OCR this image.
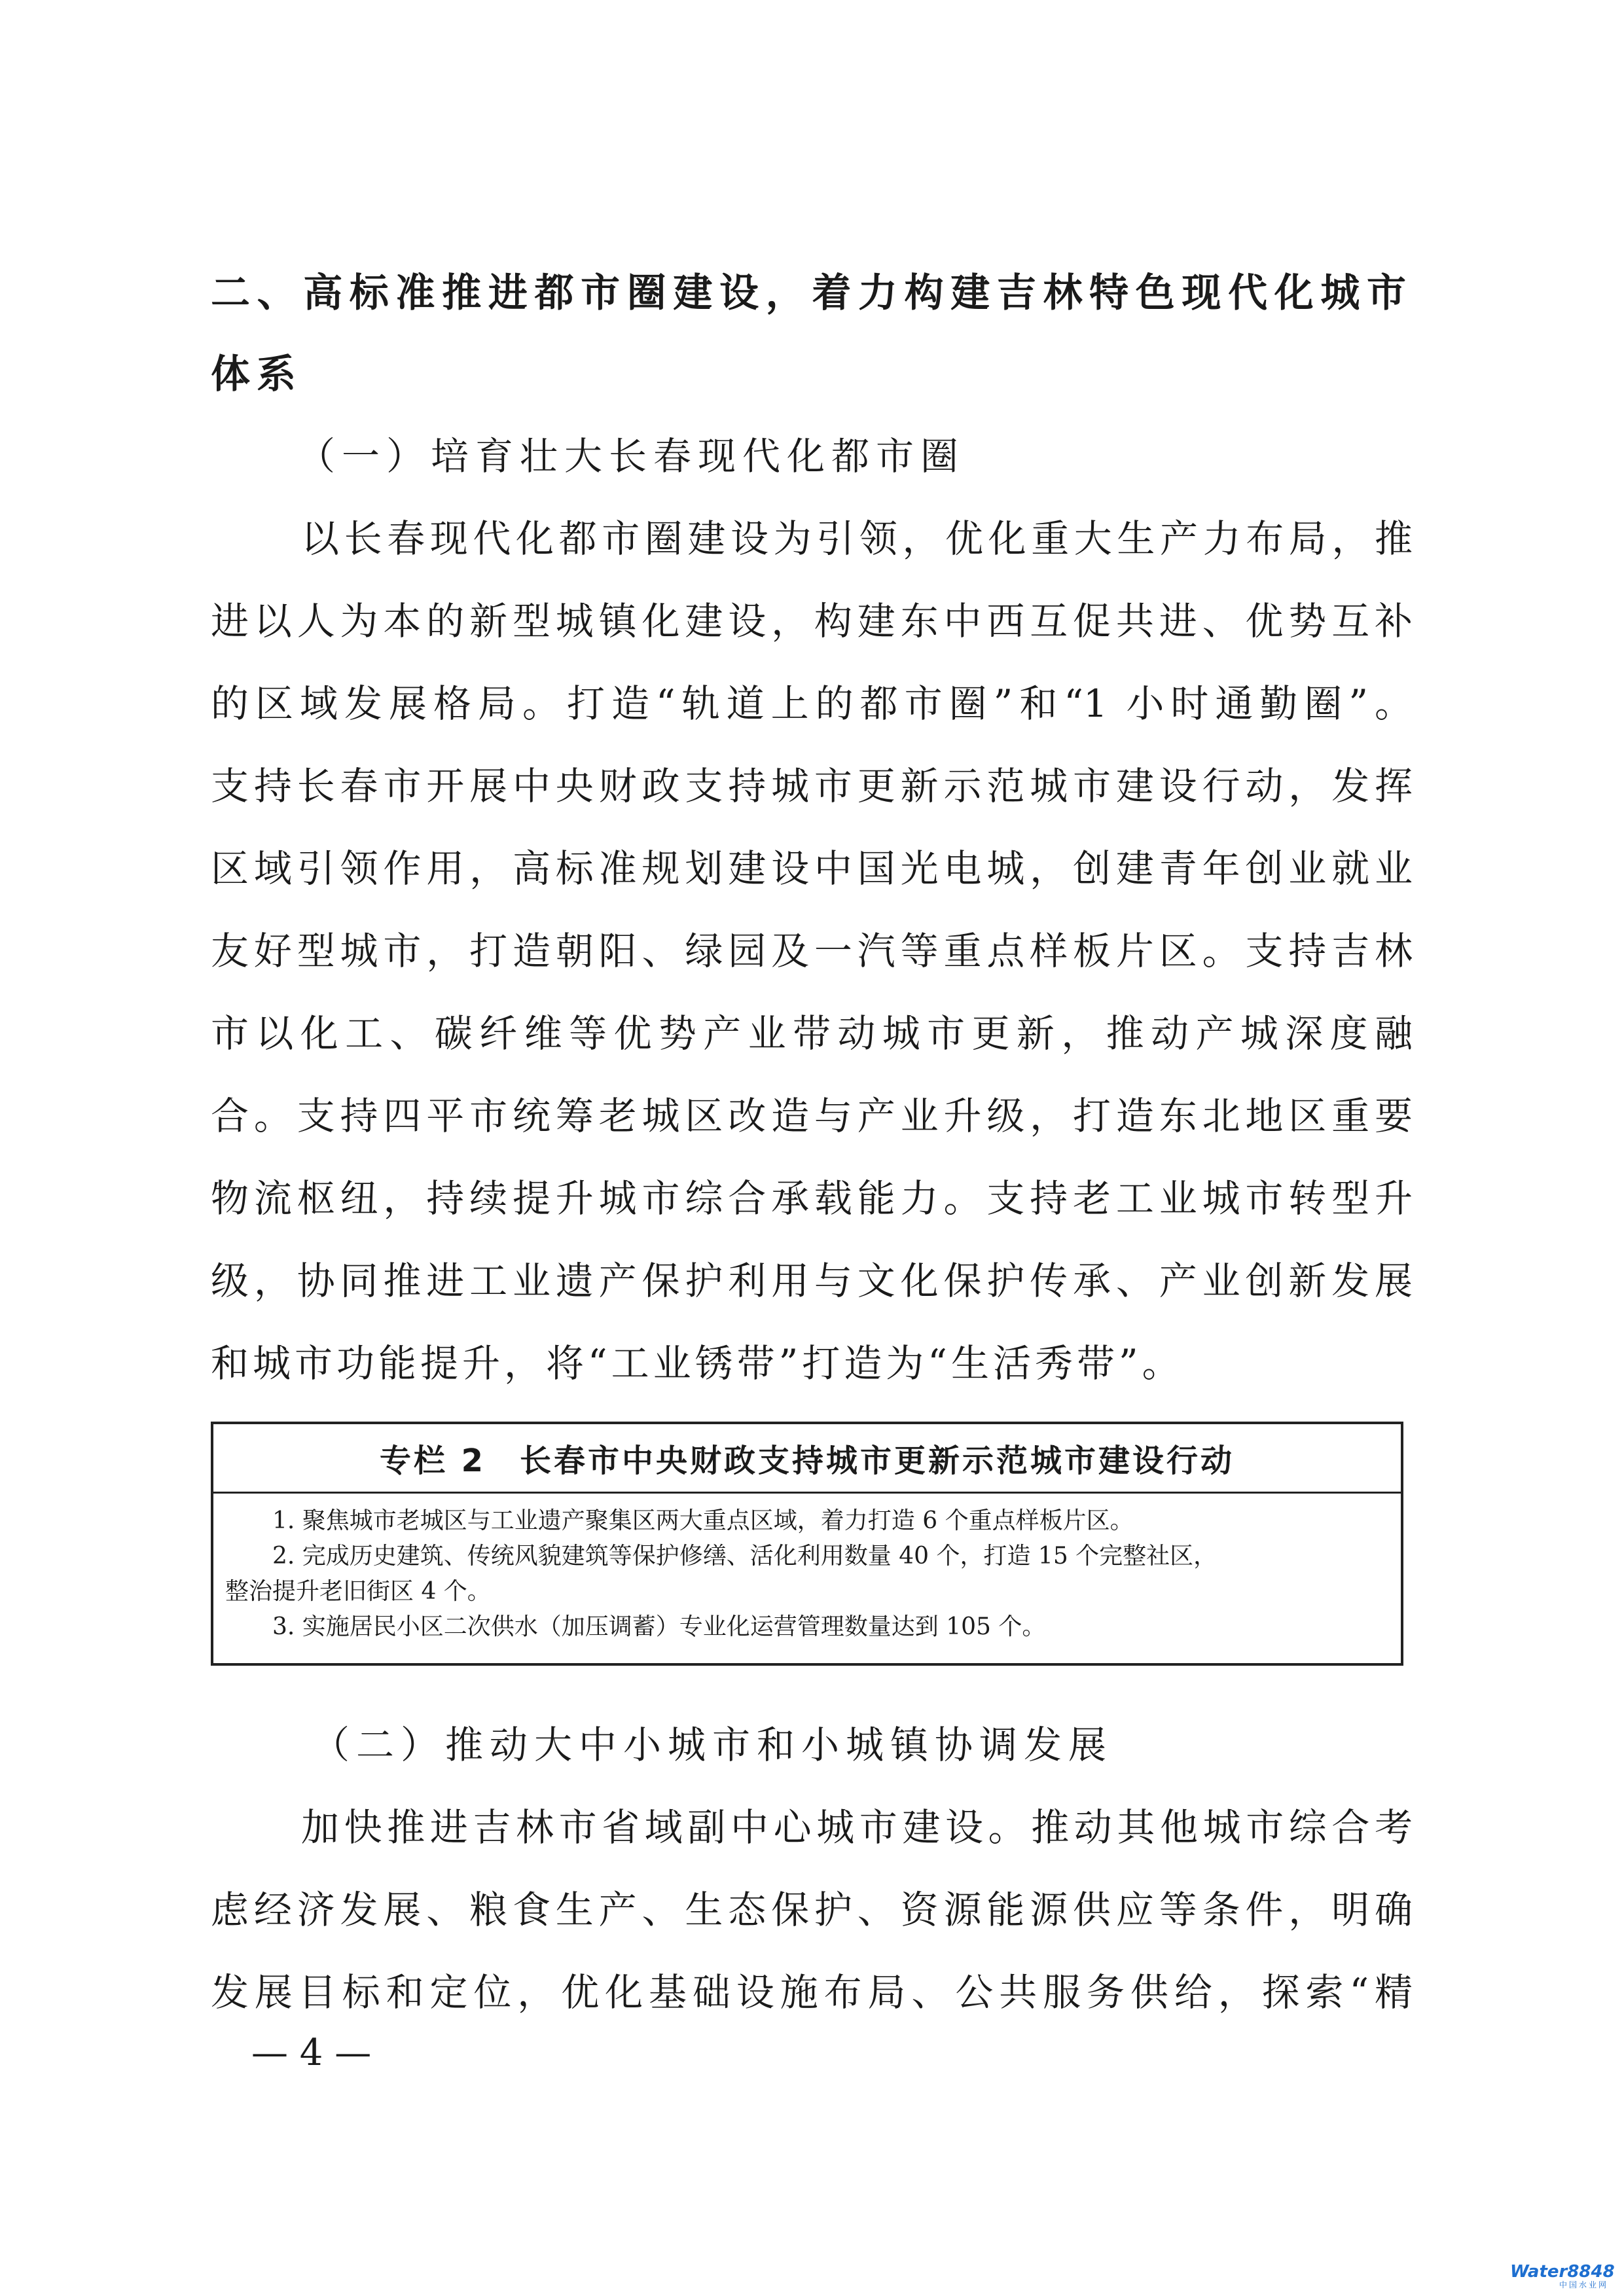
二、高标准推进都市圈建设，着力构建吉林特色现代化城市
体系
（一）培育壮大长春现代化都市圈
以长春现代化都市圈建设为引领，优化重大生产力布局，推
进以人为本的新型城镇化建设，构建东中西互促共进、优势互补
的区域发展格局。打造“轨道上的都市圈”和“1 小时通勤圈”。
支持长春市开展中央财政支持城市更新示范城市建设行动，发挥
区域引领作用，高标准规划建设中国光电城，创建青年创业就业
友好型城市，打造朝阳、绿园及一汽等重点样板片区。支持吉林
市以化工、碳纤维等优势产业带动城市更新，推动产城深度融
合。支持四平市统筹老城区改造与产业升级，打造东北地区重要
物流枢纽，持续提升城市综合承载能力。支持老工业城市转型升
级，协同推进工业遗产保护利用与文化保护传承、产业创新发展
和城市功能提升，将“工业锈带”打造为“生活秀带”。
专栏 2　长春市中央财政支持城市更新示范城市建设行动
　　1. 聚焦城市老城区与工业遗产聚集区两大重点区域，着力打造 6 个重点样板片区。
　　2. 完成历史建筑、传统风貌建筑等保护修缮、活化利用数量 40 个，打造 15 个完整社区，
整治提升老旧街区 4 个。
　　3. 实施居民小区二次供水（加压调蓄）专业化运营管理数量达到 105 个。
（二）推动大中小城市和小城镇协调发展
加快推进吉林市省域副中心城市建设。推动其他城市综合考
虑经济发展、粮食生产、生态保护、资源能源供应等条件，明确
发展目标和定位，优化基础设施布局、公共服务供给，探索“精
— 4 —
Water8848
中国水业网
